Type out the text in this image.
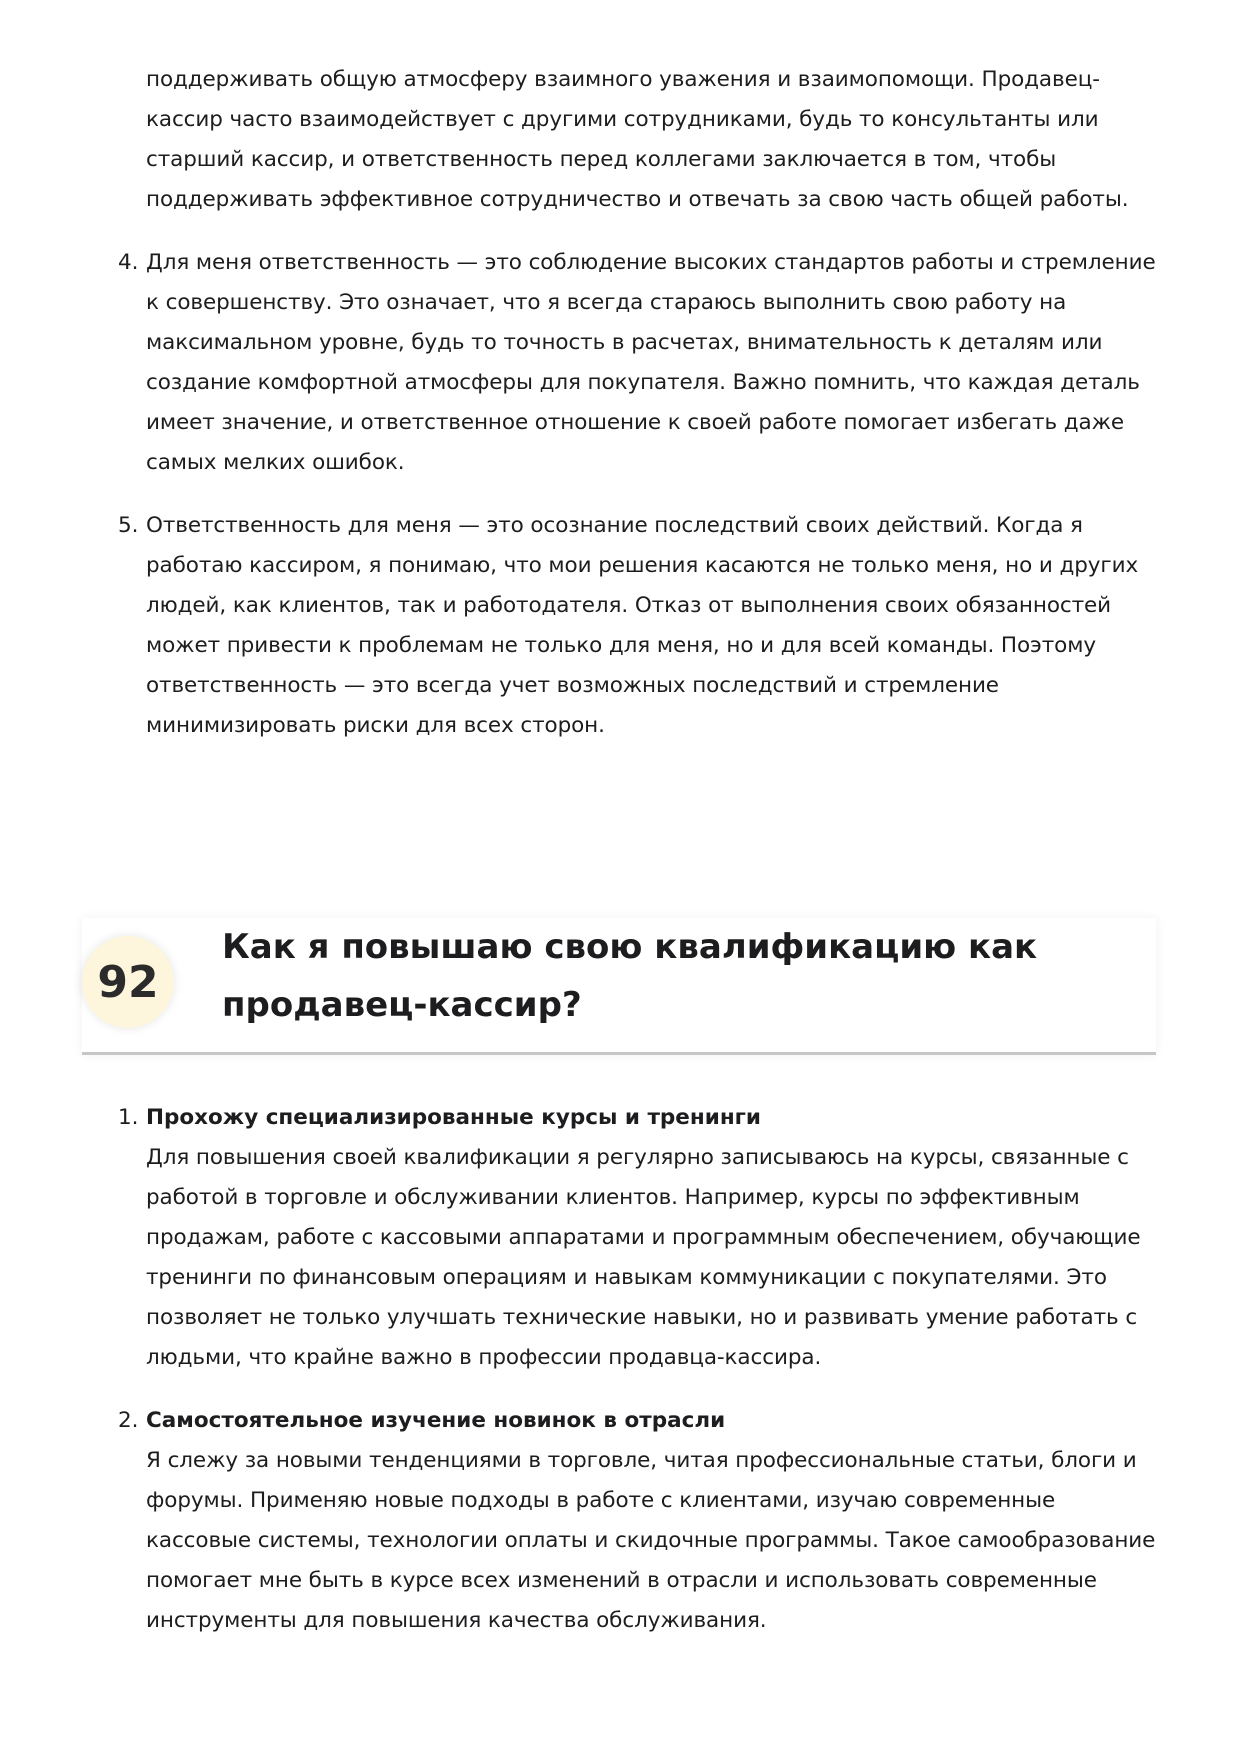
поддерживать общую атмосферу взаимного уважения и взаимопомощи. Продавец-кассир часто взаимодействует с другими сотрудниками, будь то консультанты или старший кассир, и ответственность перед коллегами заключается в том, чтобы поддерживать эффективное сотрудничество и отвечать за свою часть общей работы.
4. Для меня ответственность — это соблюдение высоких стандартов работы и стремление к совершенству. Это означает, что я всегда стараюсь выполнить свою работу на максимальном уровне, будь то точность в расчетах, внимательность к деталям или создание комфортной атмосферы для покупателя. Важно помнить, что каждая деталь имеет значение, и ответственное отношение к своей работе помогает избегать даже самых мелких ошибок.
5. Ответственность для меня — это осознание последствий своих действий. Когда я работаю кассиром, я понимаю, что мои решения касаются не только меня, но и других людей, как клиентов, так и работодателя. Отказ от выполнения своих обязанностей может привести к проблемам не только для меня, но и для всей команды. Поэтому ответственность — это всегда учет возможных последствий и стремление минимизировать риски для всех сторон.
92
Как я повышаю свою квалификацию как продавец-кассир?
1. Прохожу специализированные курсы и тренинги
Для повышения своей квалификации я регулярно записываюсь на курсы, связанные с работой в торговле и обслуживании клиентов. Например, курсы по эффективным продажам, работе с кассовыми аппаратами и программным обеспечением, обучающие тренинги по финансовым операциям и навыкам коммуникации с покупателями. Это позволяет не только улучшать технические навыки, но и развивать умение работать с людьми, что крайне важно в профессии продавца-кассира.
2. Самостоятельное изучение новинок в отрасли
Я слежу за новыми тенденциями в торговле, читая профессиональные статьи, блоги и форумы. Применяю новые подходы в работе с клиентами, изучаю современные кассовые системы, технологии оплаты и скидочные программы. Такое самообразование помогает мне быть в курсе всех изменений в отрасли и использовать современные инструменты для повышения качества обслуживания.
